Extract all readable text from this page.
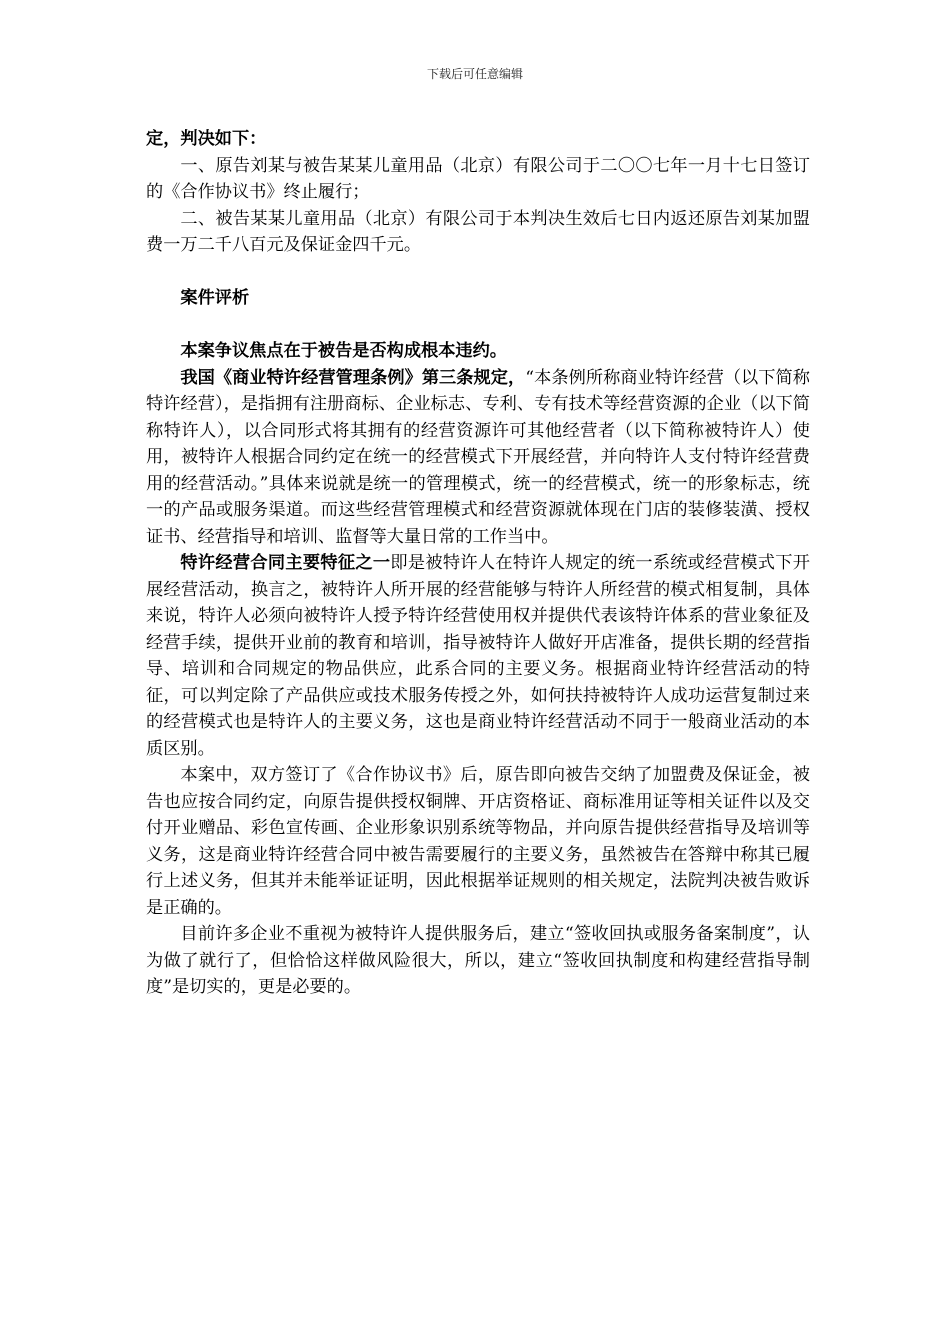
下载后可任意编辑

定，判决如下：

一、原告刘某与被告某某儿童用品（北京）有限公司于二〇〇七年一月十七日签订的《合作协议书》终止履行；

二、被告某某儿童用品（北京）有限公司于本判决生效后七日内返还原告刘某加盟费一万二千八百元及保证金四千元。

案件评析

本案争议焦点在于被告是否构成根本违约。

我国《商业特许经营管理条例》第三条规定，“本条例所称商业特许经营（以下简称特许经营），是指拥有注册商标、企业标志、专利、专有技术等经营资源的企业（以下简称特许人），以合同形式将其拥有的经营资源许可其他经营者（以下简称被特许人）使用，被特许人根据合同约定在统一的经营模式下开展经营，并向特许人支付特许经营费用的经营活动。”具体来说就是统一的管理模式，统一的经营模式，统一的形象标志，统一的产品或服务渠道。而这些经营管理模式和经营资源就体现在门店的装修装潢、授权证书、经营指导和培训、监督等大量日常的工作当中。

特许经营合同主要特征之一即是被特许人在特许人规定的统一系统或经营模式下开展经营活动，换言之，被特许人所开展的经营能够与特许人所经营的模式相复制，具体来说，特许人必须向被特许人授予特许经营使用权并提供代表该特许体系的营业象征及经营手续，提供开业前的教育和培训，指导被特许人做好开店准备，提供长期的经营指导、培训和合同规定的物品供应，此系合同的主要义务。根据商业特许经营活动的特征，可以判定除了产品供应或技术服务传授之外，如何扶持被特许人成功运营复制过来的经营模式也是特许人的主要义务，这也是商业特许经营活动不同于一般商业活动的本质区别。

本案中，双方签订了《合作协议书》后，原告即向被告交纳了加盟费及保证金，被告也应按合同约定，向原告提供授权铜牌、开店资格证、商标准用证等相关证件以及交付开业赠品、彩色宣传画、企业形象识别系统等物品，并向原告提供经营指导及培训等义务，这是商业特许经营合同中被告需要履行的主要义务，虽然被告在答辩中称其已履行上述义务，但其并未能举证证明，因此根据举证规则的相关规定，法院判决被告败诉是正确的。

目前许多企业不重视为被特许人提供服务后，建立“签收回执或服务备案制度”，认为做了就行了，但恰恰这样做风险很大，所以，建立“签收回执制度和构建经营指导制度”是切实的，更是必要的。
